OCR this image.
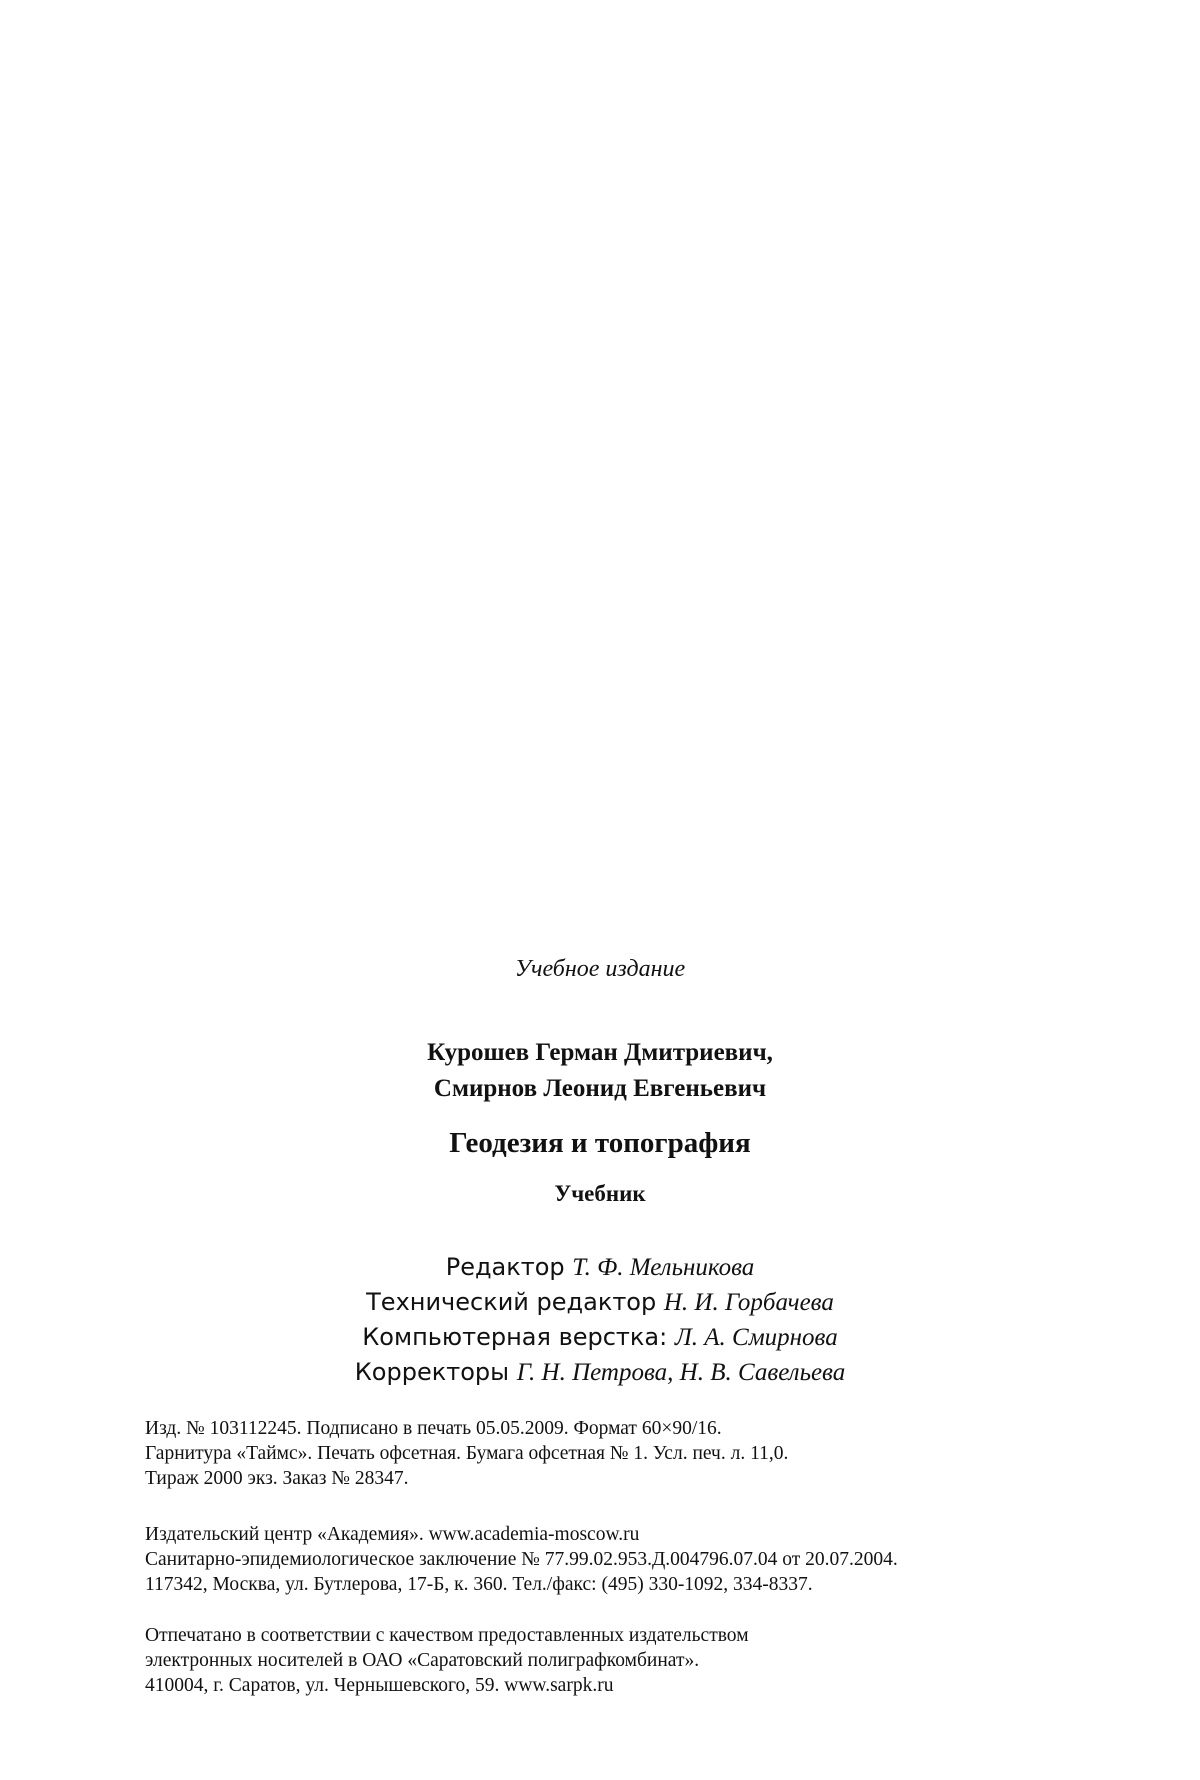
Учебное издание
Курошев Герман Дмитриевич,
Смирнов Леонид Евгеньевич
Геодезия и топография
Учебник
Редактор Т. Ф. Мельникова
Технический редактор Н. И. Горбачева
Компьютерная верстка: Л. А. Смирнова
Корректоры Г. Н. Петрова, Н. В. Савельева
Изд. № 103112245. Подписано в печать 05.05.2009. Формат 60×90/16.
Гарнитура «Таймс». Печать офсетная. Бумага офсетная № 1. Усл. печ. л. 11,0.
Тираж 2000 экз. Заказ № 28347.
Издательский центр «Академия». www.academia-moscow.ru
Санитарно-эпидемиологическое заключение № 77.99.02.953.Д.004796.07.04 от 20.07.2004.
117342, Москва, ул. Бутлерова, 17-Б, к. 360. Тел./факс: (495) 330-1092, 334-8337.
Отпечатано в соответствии с качеством предоставленных издательством
электронных носителей в ОАО «Саратовский полиграфкомбинат».
410004, г. Саратов, ул. Чернышевского, 59. www.sarpk.ru
